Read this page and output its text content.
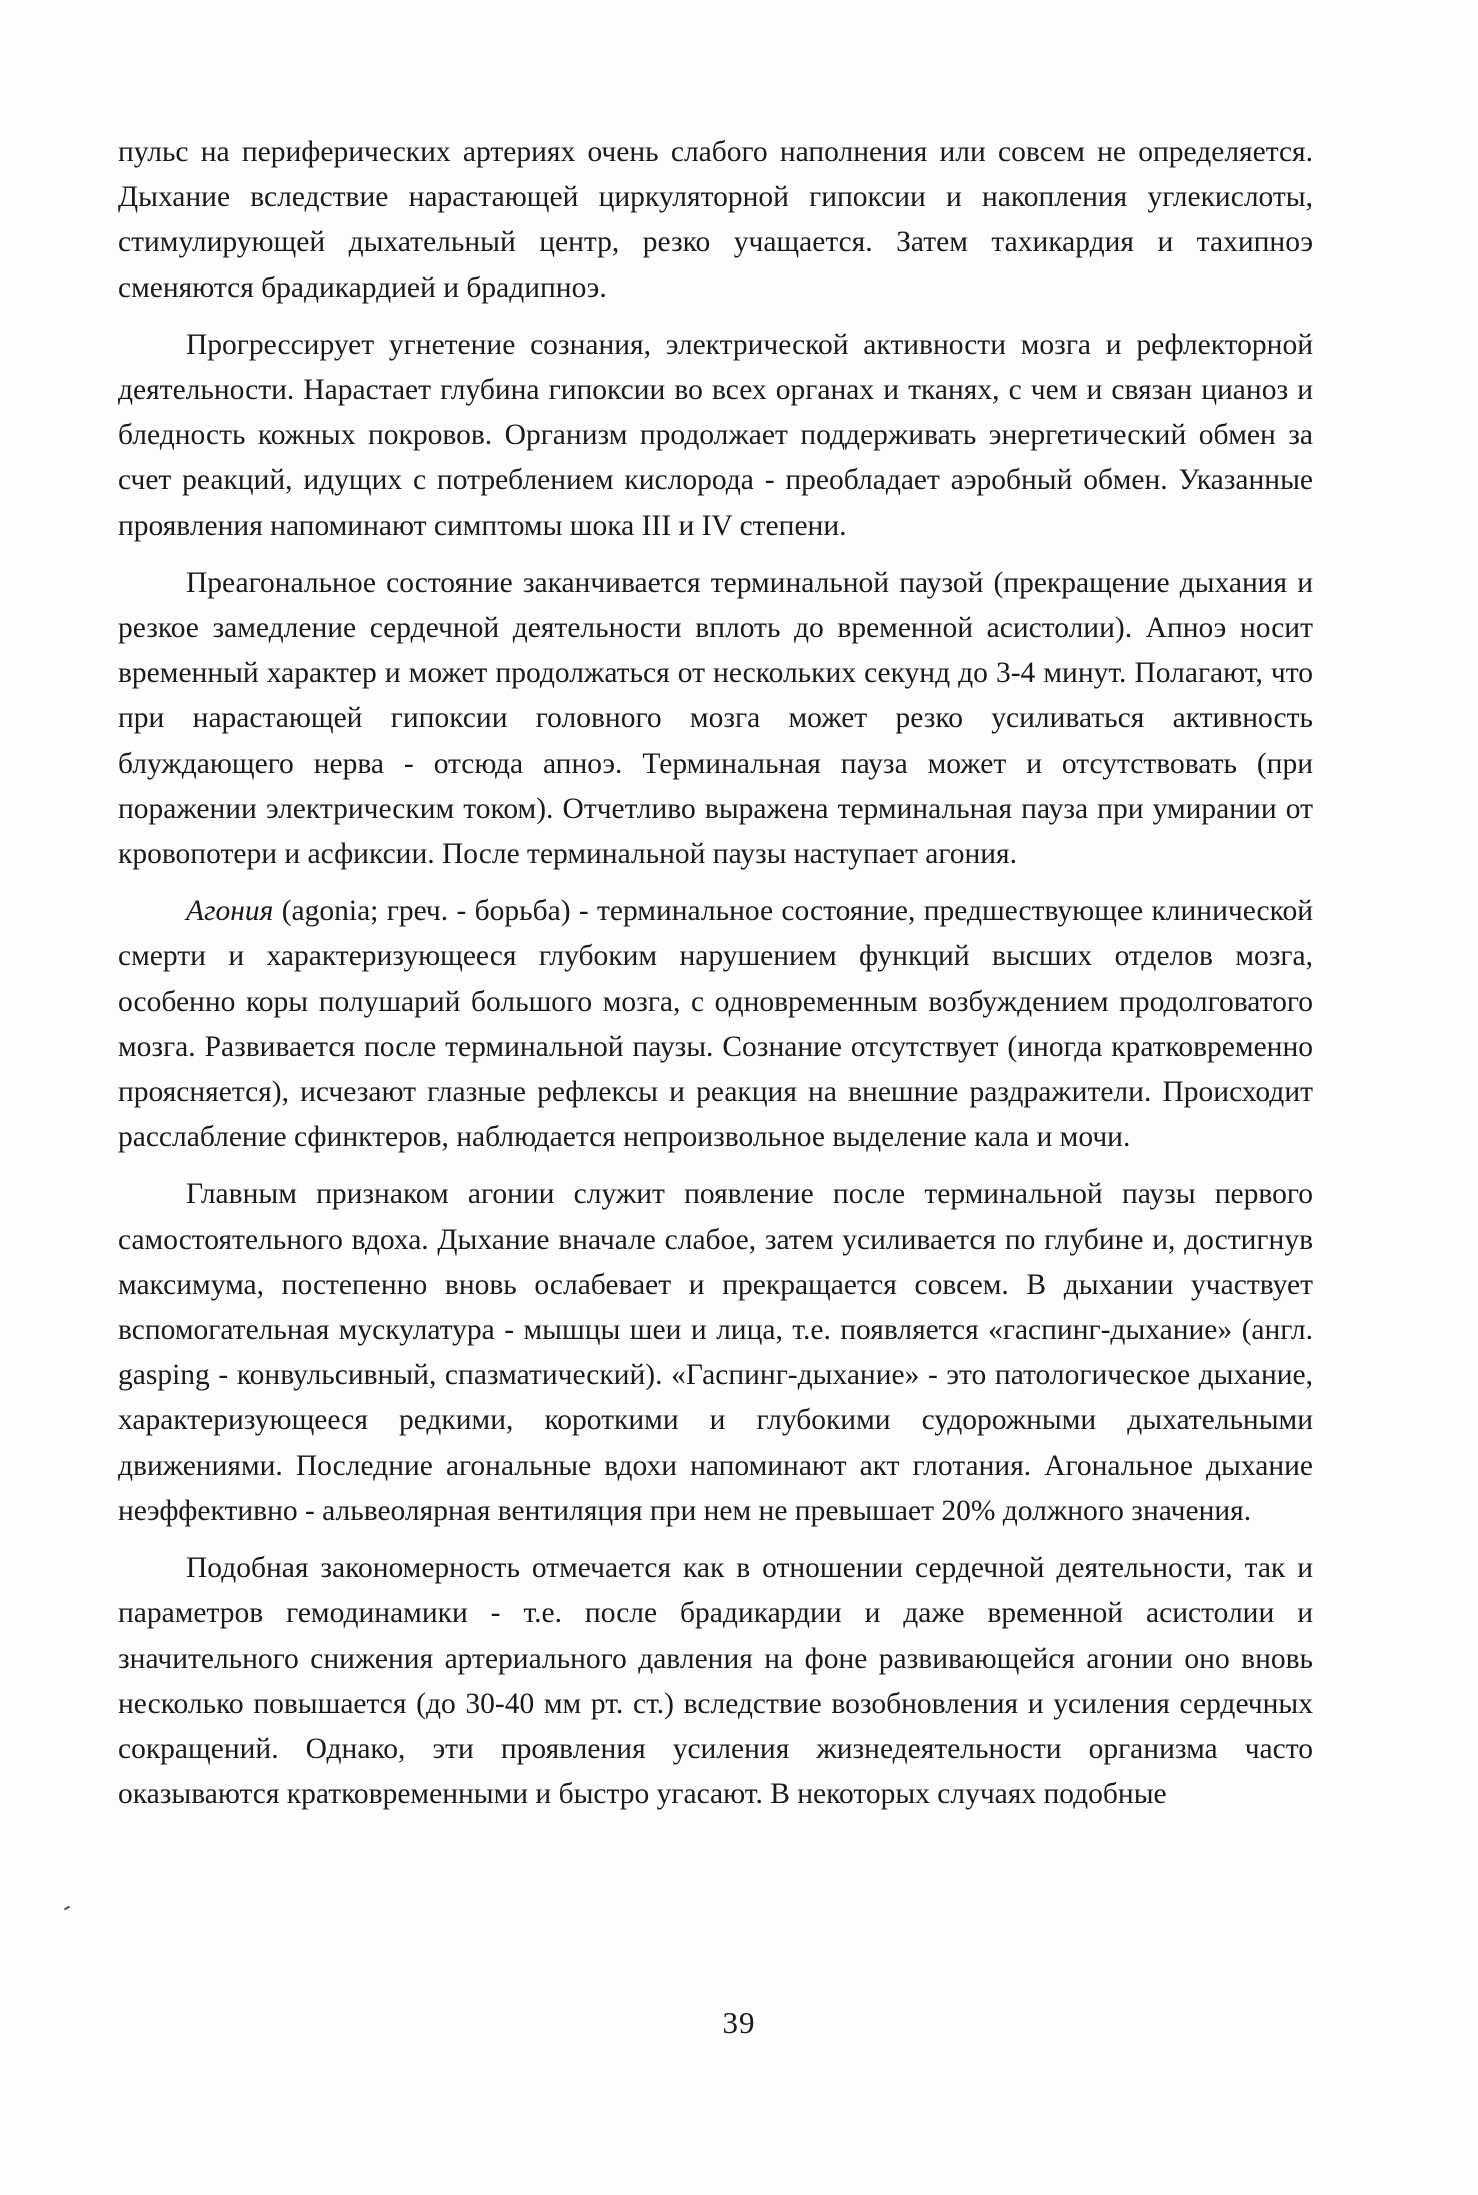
пульс на периферических артериях очень слабого наполнения или совсем не определяется. Дыхание вследствие нарастающей циркуляторной гипоксии и накопления углекислоты, стимулирующей дыхательный центр, резко учащается. Затем тахикардия и тахипноэ сменяются брадикардией и брадипноэ.

Прогрессирует угнетение сознания, электрической активности мозга и рефлекторной деятельности. Нарастает глубина гипоксии во всех органах и тканях, с чем и связан цианоз и бледность кожных покровов. Организм продолжает поддерживать энергетический обмен за счет реакций, идущих с потреблением кислорода - преобладает аэробный обмен. Указанные проявления напоминают симптомы шока III и IV степени.

Преагональное состояние заканчивается терминальной паузой (прекращение дыхания и резкое замедление сердечной деятельности вплоть до временной асистолии). Апноэ носит временный характер и может продолжаться от нескольких секунд до 3-4 минут. Полагают, что при нарастающей гипоксии головного мозга может резко усиливаться активность блуждающего нерва - отсюда апноэ. Терминальная пауза может и отсутствовать (при поражении электрическим током). Отчетливо выражена терминальная пауза при умирании от кровопотери и асфиксии. После терминальной паузы наступает агония.

Агония (agonia; греч. - борьба) - терминальное состояние, предшествующее клинической смерти и характеризующееся глубоким нарушением функций высших отделов мозга, особенно коры полушарий большого мозга, с одновременным возбуждением продолговатого мозга. Развивается после терминальной паузы. Сознание отсутствует (иногда кратковременно проясняется), исчезают глазные рефлексы и реакция на внешние раздражители. Происходит расслабление сфинктеров, наблюдается непроизвольное выделение кала и мочи.

Главным признаком агонии служит появление после терминальной паузы первого самостоятельного вдоха. Дыхание вначале слабое, затем усиливается по глубине и, достигнув максимума, постепенно вновь ослабевает и прекращается совсем. В дыхании участвует вспомогательная мускулатура - мышцы шеи и лица, т.е. появляется «гаспинг-дыхание» (англ. gasping - конвульсивный, спазматический). «Гаспинг-дыхание» - это патологическое дыхание, характеризующееся редкими, короткими и глубокими судорожными дыхательными движениями. Последние агональные вдохи напоминают акт глотания. Агональное дыхание неэффективно - альвеолярная вентиляция при нем не превышает 20% должного значения.

Подобная закономерность отмечается как в отношении сердечной деятельности, так и параметров гемодинамики - т.е. после брадикардии и даже временной асистолии и значительного снижения артериального давления на фоне развивающейся агонии оно вновь несколько повышается (до 30-40 мм рт. ст.) вследствие возобновления и усиления сердечных сокращений. Однако, эти проявления усиления жизнедеятельности организма часто оказываются кратковременными и быстро угасают. В некоторых случаях подобные

39
